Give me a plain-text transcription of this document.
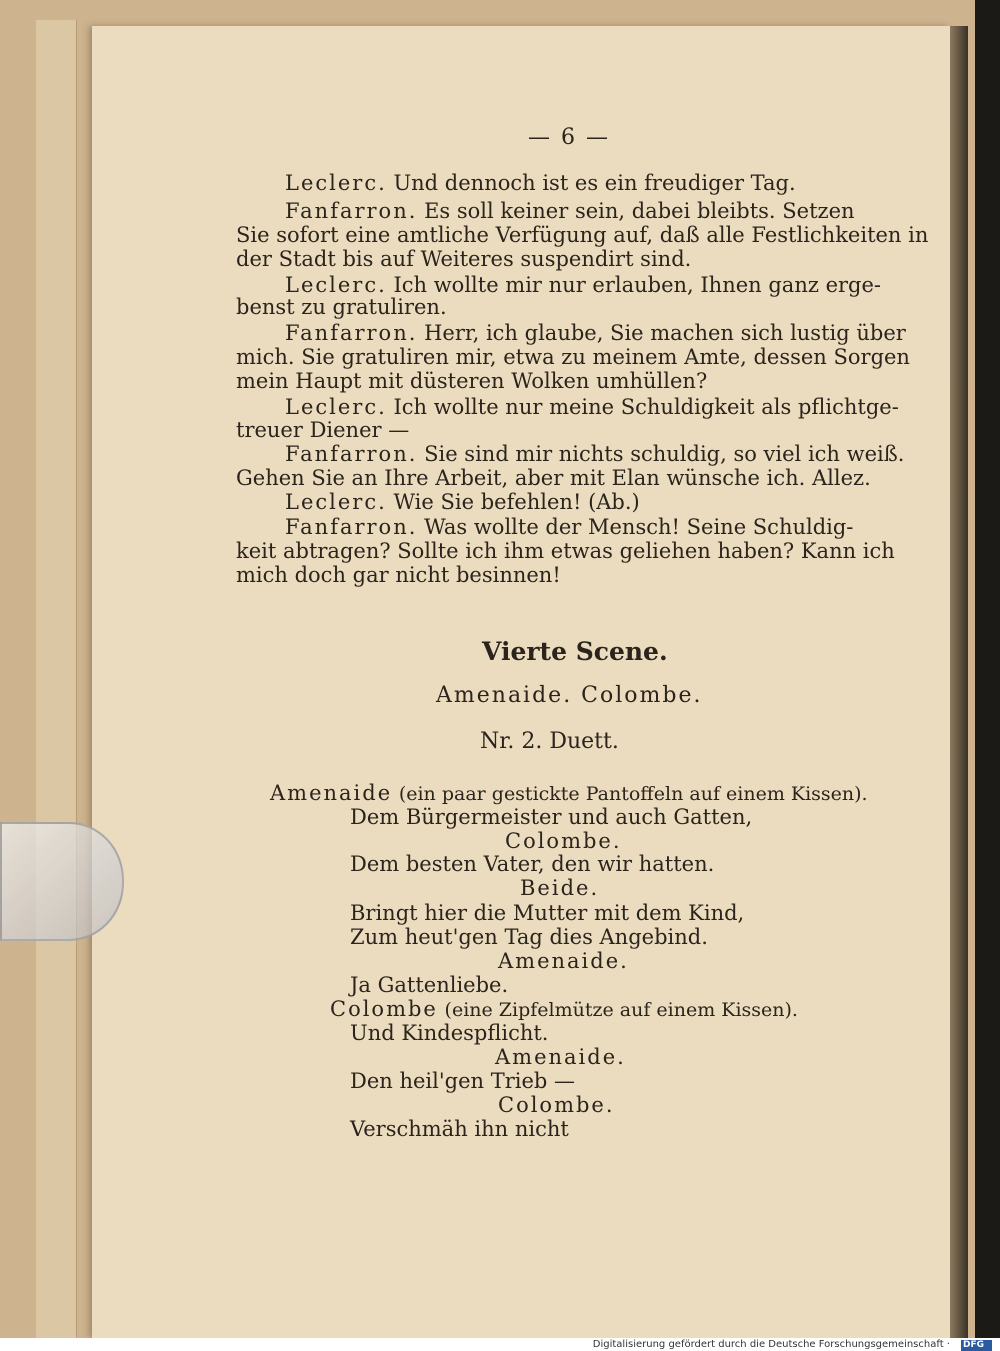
— 6 —
Leclerc. Und dennoch ist es ein freudiger Tag.
Fanfarron. Es soll keiner sein, dabei bleibts. Setzen
Sie sofort eine amtliche Verfügung auf, daß alle Festlichkeiten in
der Stadt bis auf Weiteres suspendirt sind.
Leclerc. Ich wollte mir nur erlauben, Ihnen ganz erge-
benst zu gratuliren.
Fanfarron. Herr, ich glaube, Sie machen sich lustig über
mich. Sie gratuliren mir, etwa zu meinem Amte, dessen Sorgen
mein Haupt mit düsteren Wolken umhüllen?
Leclerc. Ich wollte nur meine Schuldigkeit als pflichtge-
treuer Diener —
Fanfarron. Sie sind mir nichts schuldig, so viel ich weiß.
Gehen Sie an Ihre Arbeit, aber mit Elan wünsche ich. Allez.
Leclerc. Wie Sie befehlen! (Ab.)
Fanfarron. Was wollte der Mensch! Seine Schuldig-
keit abtragen? Sollte ich ihm etwas geliehen haben? Kann ich
mich doch gar nicht besinnen!
Vierte Scene.
Amenaide. Colombe.
Nr. 2. Duett.
Amenaide (ein paar gestickte Pantoffeln auf einem Kissen).
Dem Bürgermeister und auch Gatten,
Colombe.
Dem besten Vater, den wir hatten.
Beide.
Bringt hier die Mutter mit dem Kind,
Zum heut'gen Tag dies Angebind.
Amenaide.
Ja Gattenliebe.
Colombe (eine Zipfelmütze auf einem Kissen).
Und Kindespflicht.
Amenaide.
Den heil'gen Trieb —
Colombe.
Verschmäh ihn nicht
Digitalisierung gefördert durch die Deutsche Forschungsgemeinschaft · DFG
